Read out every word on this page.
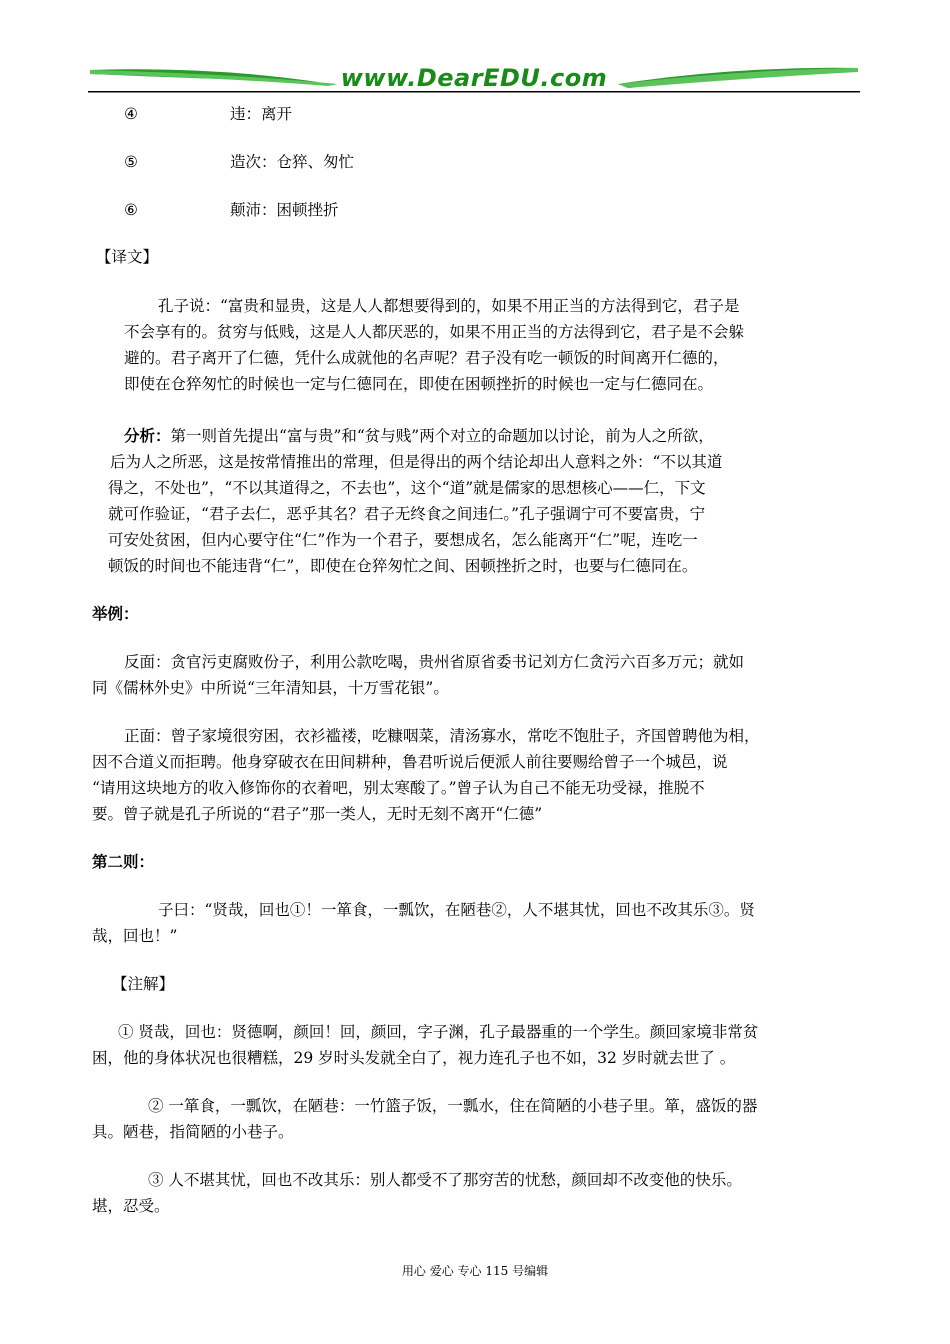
www.DearEDU.com
④	违：离开
⑤	造次：仓猝、匆忙
⑥	颠沛：困顿挫折
【译文】
孔子说：“富贵和显贵，这是人人都想要得到的，如果不用正当的方法得到它，君子是
不会享有的。贫穷与低贱，这是人人都厌恶的，如果不用正当的方法得到它，君子是不会躲
避的。君子离开了仁德，凭什么成就他的名声呢？君子没有吃一顿饭的时间离开仁德的，
即使在仓猝匆忙的时候也一定与仁德同在，即使在困顿挫折的时候也一定与仁德同在。
分析：第一则首先提出“富与贵”和“贫与贱”两个对立的命题加以讨论，前为人之所欲，
后为人之所恶，这是按常情推出的常理，但是得出的两个结论却出人意料之外：“不以其道
得之，不处也”，“不以其道得之，不去也”，这个“道”就是儒家的思想核心——仁，下文
就可作验证，“君子去仁，恶乎其名？君子无终食之间违仁。”孔子强调宁可不要富贵，宁
可安处贫困，但内心要守住“仁”作为一个君子，要想成名，怎么能离开“仁”呢，连吃一
顿饭的时间也不能违背“仁”，即使在仓猝匆忙之间、困顿挫折之时，也要与仁德同在。
举例：
反面：贪官污吏腐败份子，利用公款吃喝，贵州省原省委书记刘方仁贪污六百多万元；就如
同《儒林外史》中所说“三年清知县，十万雪花银”。
正面：曾子家境很穷困，衣衫褴褛，吃糠咽菜，清汤寡水，常吃不饱肚子，齐国曾聘他为相，
因不合道义而拒聘。他身穿破衣在田间耕种，鲁君听说后便派人前往要赐给曾子一个城邑，说
“请用这块地方的收入修饰你的衣着吧，别太寒酸了。”曾子认为自己不能无功受禄，推脱不
要。曾子就是孔子所说的“君子”那一类人，无时无刻不离开“仁德”
第二则：
子曰：“贤哉，回也①！一箪食，一瓢饮，在陋巷②，人不堪其忧，回也不改其乐③。贤
哉，回也！”
【注解】
① 贤哉，回也：贤德啊，颜回！回，颜回，字子渊，孔子最器重的一个学生。颜回家境非常贫
困，他的身体状况也很糟糕，29 岁时头发就全白了，视力连孔子也不如，32 岁时就去世了 。
② 一箪食，一瓢饮，在陋巷：一竹篮子饭，一瓢水，住在简陋的小巷子里。箪，盛饭的器
具。陋巷，指简陋的小巷子。
③ 人不堪其忧，回也不改其乐：别人都受不了那穷苦的忧愁，颜回却不改变他的快乐。
堪，忍受。
用心 爱心 专心 115 号编辑
